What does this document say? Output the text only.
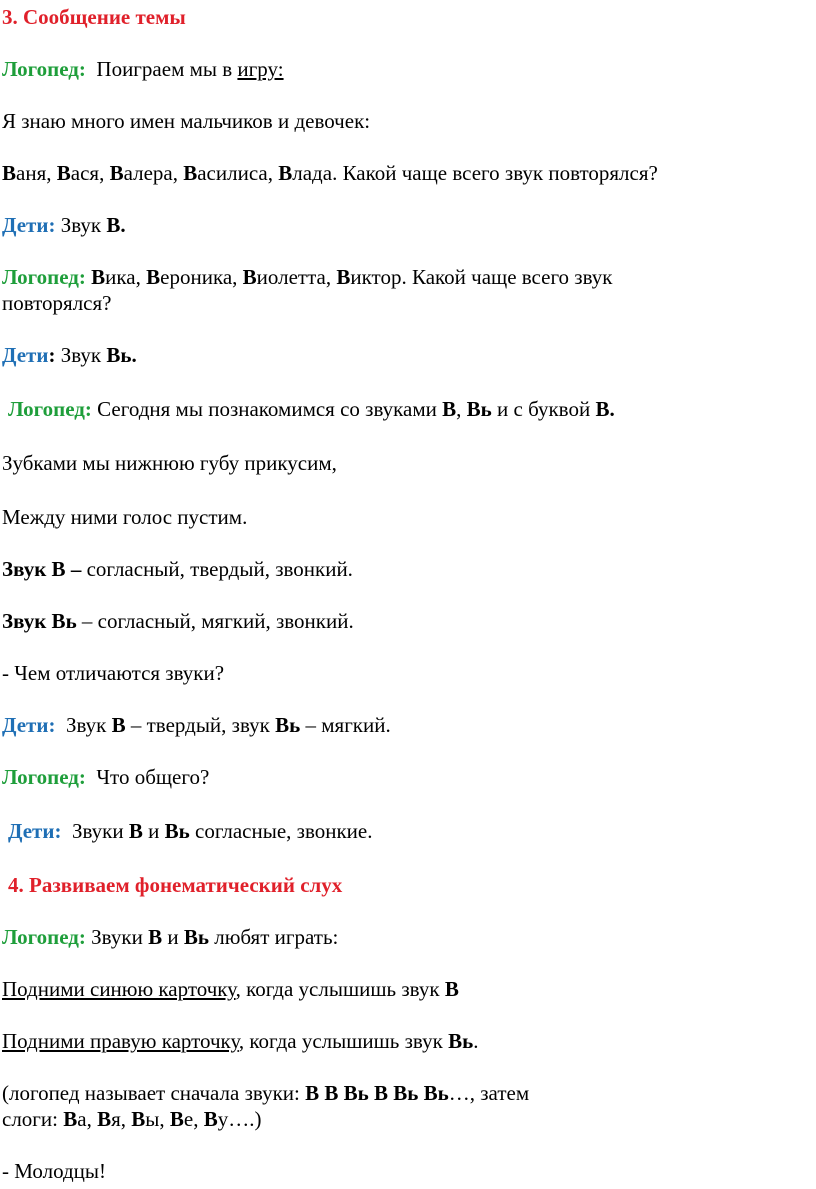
3. Сообщение темы
Логопед: Поиграем мы в игру:
Я знаю много имен мальчиков и девочек:
Ваня, Вася, Валера, Василиса, Влада. Какой чаще всего звук повторялся?
Дети: Звук В.
Логопед: Вика, Вероника, Виолетта, Виктор. Какой чаще всего звук
повторялся?
Дети: Звук Вь.
Логопед: Сегодня мы познакомимся со звуками В, Вь и с буквой В.
Зубками мы нижнюю губу прикусим,
Между ними голос пустим.
Звук В – согласный, твердый, звонкий.
Звук Вь – согласный, мягкий, звонкий.
- Чем отличаются звуки?
Дети:  Звук В – твердый, звук Вь – мягкий.
Логопед:  Что общего?
Дети:  Звуки В и Вь согласные, звонкие.
4. Развиваем фонематический слух
Логопед: Звуки В и Вь любят играть:
Подними синюю карточку, когда услышишь звук В
Подними правую карточку, когда услышишь звук Вь.
(логопед называет сначала звуки: В В Вь В Вь Вь…, затем
слоги: Ва, Вя, Вы, Ве, Ву….)
- Молодцы!
